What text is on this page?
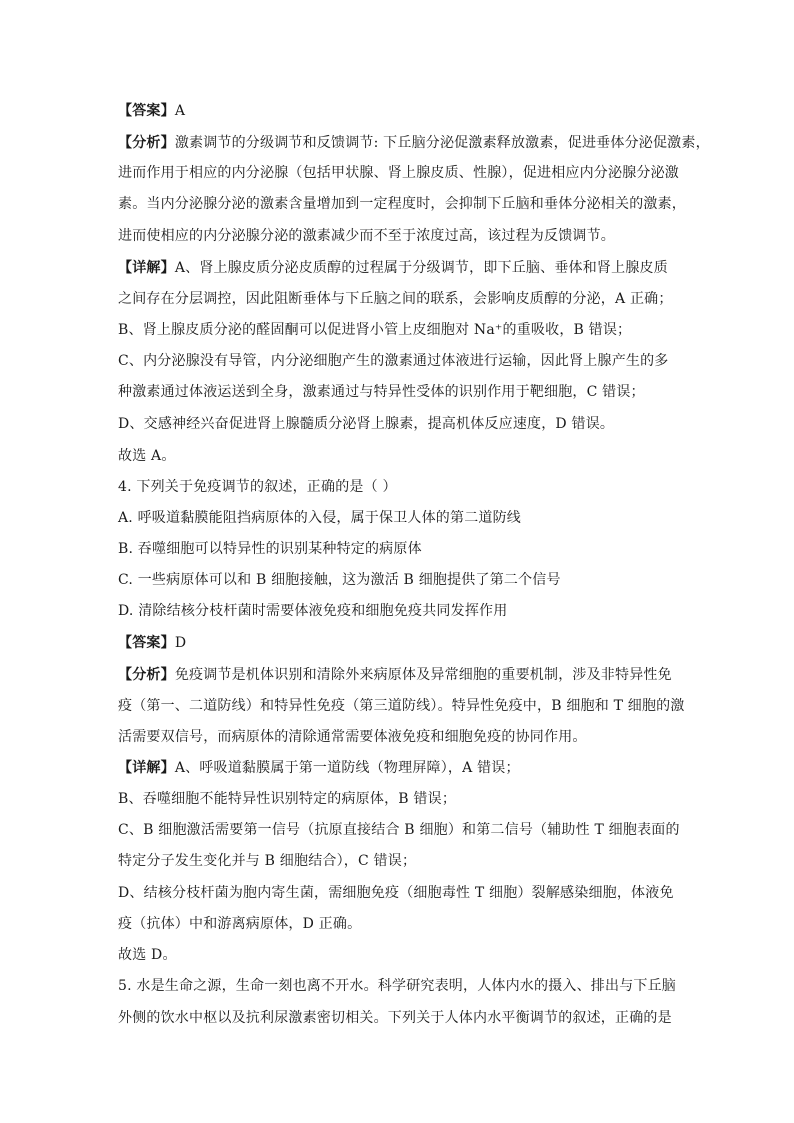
【答案】A
【分析】激素调节的分级调节和反馈调节: 下丘脑分泌促激素释放激素，促进垂体分泌促激素，
进而作用于相应的内分泌腺（包括甲状腺、肾上腺皮质、性腺），促进相应内分泌腺分泌激
素。当内分泌腺分泌的激素含量增加到一定程度时，会抑制下丘脑和垂体分泌相关的激素，
进而使相应的内分泌腺分泌的激素减少而不至于浓度过高，该过程为反馈调节。
【详解】A、肾上腺皮质分泌皮质醇的过程属于分级调节，即下丘脑、垂体和肾上腺皮质
之间存在分层调控，因此阻断垂体与下丘脑之间的联系，会影响皮质醇的分泌，A 正确；
B、肾上腺皮质分泌的醛固酮可以促进肾小管上皮细胞对 Na⁺的重吸收，B 错误；
C、内分泌腺没有导管，内分泌细胞产生的激素通过体液进行运输，因此肾上腺产生的多
种激素通过体液运送到全身，激素通过与特异性受体的识别作用于靶细胞，C 错误；
D、交感神经兴奋促进肾上腺髓质分泌肾上腺素，提高机体反应速度，D 错误。
故选 A。
4. 下列关于免疫调节的叙述，正确的是（ ）
A. 呼吸道黏膜能阻挡病原体的入侵，属于保卫人体的第二道防线
B. 吞噬细胞可以特异性的识别某种特定的病原体
C. 一些病原体可以和 B 细胞接触，这为激活 B 细胞提供了第二个信号
D. 清除结核分枝杆菌时需要体液免疫和细胞免疫共同发挥作用
【答案】D
【分析】免疫调节是机体识别和清除外来病原体及异常细胞的重要机制，涉及非特异性免
疫（第一、二道防线）和特异性免疫（第三道防线）。特异性免疫中，B 细胞和 T 细胞的激
活需要双信号，而病原体的清除通常需要体液免疫和细胞免疫的协同作用。
【详解】A、呼吸道黏膜属于第一道防线（物理屏障），A 错误；
B、吞噬细胞不能特异性识别特定的病原体，B 错误；
C、B 细胞激活需要第一信号（抗原直接结合 B 细胞）和第二信号（辅助性 T 细胞表面的
特定分子发生变化并与 B 细胞结合），C 错误；
D、结核分枝杆菌为胞内寄生菌，需细胞免疫（细胞毒性 T 细胞）裂解感染细胞，体液免
疫（抗体）中和游离病原体，D 正确。
故选 D。
5. 水是生命之源，生命一刻也离不开水。科学研究表明，人体内水的摄入、排出与下丘脑
外侧的饮水中枢以及抗利尿激素密切相关。下列关于人体内水平衡调节的叙述，正确的是
